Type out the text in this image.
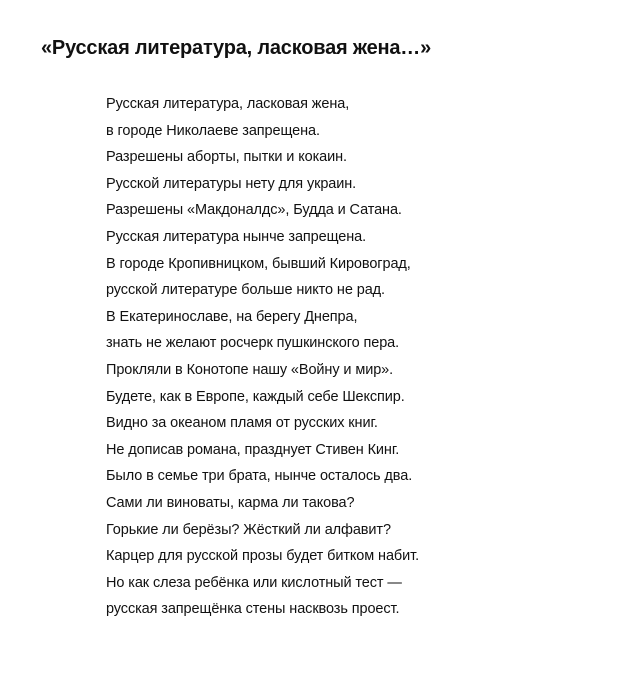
«Русская литература, ласковая жена…»
Русская литература, ласковая жена,
в городе Николаеве запрещена.
Разрешены аборты, пытки и кокаин.
Русской литературы нету для украин.
Разрешены «Макдоналдс», Будда и Сатана.
Русская литература нынче запрещена.
В городе Кропивницком, бывший Кировоград,
русской литературе больше никто не рад.
В Екатеринославе, на берегу Днепра,
знать не желают росчерк пушкинского пера.
Прокляли в Конотопе нашу «Войну и мир».
Будете, как в Европе, каждый себе Шекспир.
Видно за океаном пламя от русских книг.
Не дописав романа, празднует Стивен Кинг.
Было в семье три брата, нынче осталось два.
Сами ли виноваты, карма ли такова?
Горькие ли берёзы? Жёсткий ли алфавит?
Карцер для русской прозы будет битком набит.
Но как слеза ребёнка или кислотный тест —
русская запрещёнка стены насквозь проест.
